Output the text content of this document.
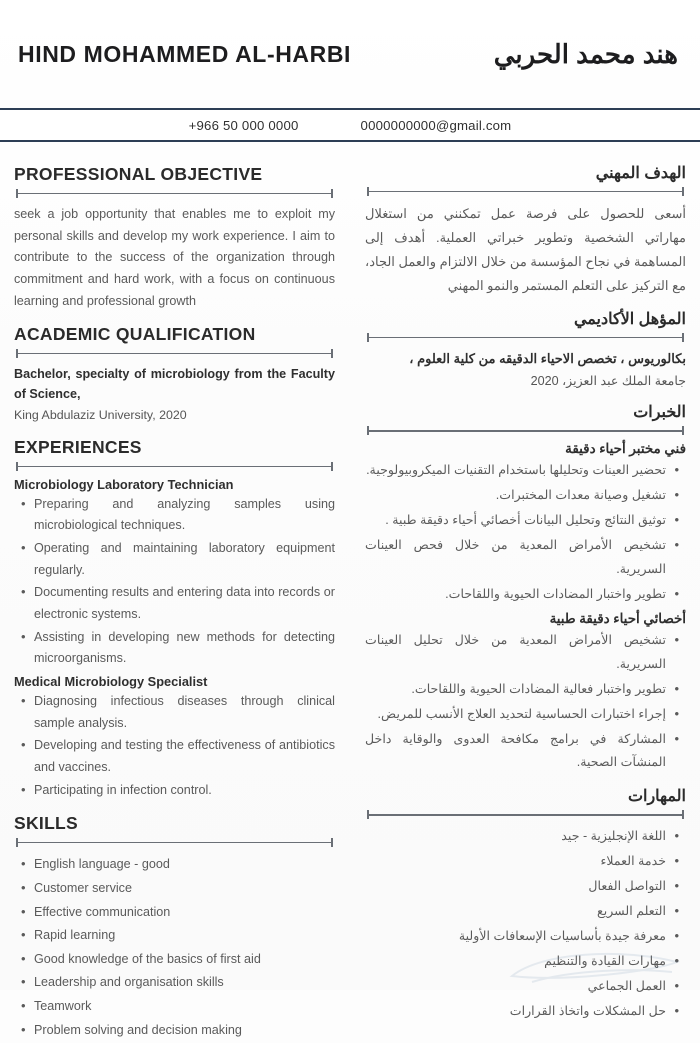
HIND MOHAMMED AL-HARBI	هند محمد الحربي
+966 50 000 0000	0000000000@gmail.com
PROFESSIONAL OBJECTIVE

seek a job opportunity that enables me to exploit my personal skills and develop my work experience. I aim to contribute to the success of the organization through commitment and hard work, with a focus on continuous learning and professional growth

ACADEMIC QUALIFICATION

Bachelor, specialty of microbiology from the Faculty of Science,

King Abdulaziz University, 2020

EXPERIENCES
Microbiology Laboratory Technician
• Preparing and analyzing samples using microbiological techniques.
• Operating and maintaining laboratory equipment regularly.
• Documenting results and entering data into records or electronic systems.
• Assisting in developing new methods for detecting microorganisms.
Medical Microbiology Specialist
• Diagnosing infectious diseases through clinical sample analysis.
• Developing and testing the effectiveness of antibiotics and vaccines.
• Participating in infection control.
SKILLS
• English language - good
• Customer service
• Effective communication
• Rapid learning
• Good knowledge of the basics of first aid
• Leadership and organisation skills
• Teamwork
• Problem solving and decision making
الهدف المهني

أسعى للحصول على فرصة عمل تمكنني من استغلال مهاراتي الشخصية وتطوير خبراتي العملية. أهدف إلى المساهمة في نجاح المؤسسة من خلال الالتزام والعمل الجاد، مع التركيز على التعلم المستمر والنمو المهني

المؤهل الأكاديمي

بكالوريوس ، تخصص الاحياء الدقيقه من كلية العلوم ،

جامعة الملك عبد العزيز، 2020

الخبرات
فني مختبر أحياء دقيقة
• تحضير العينات وتحليلها باستخدام التقنيات الميكروبيولوجية.
• تشغيل وصيانة معدات المختبرات.
• توثيق النتائج وتحليل البيانات أخصائي أحياء دقيقة طبية .
• تشخيص الأمراض المعدية من خلال فحص العينات السريرية.
• تطوير واختبار المضادات الحيوية واللقاحات.
أخصائي أحياء دقيقة طبية
• تشخيص الأمراض المعدية من خلال تحليل العينات السريرية.
• تطوير واختبار فعالية المضادات الحيوية واللقاحات.
• إجراء اختبارات الحساسية لتحديد العلاج الأنسب للمريض.
• المشاركة في برامج مكافحة العدوى والوقاية داخل المنشآت الصحية.
المهارات
• اللغة الإنجليزية - جيد
• خدمة العملاء
• التواصل الفعال
• التعلم السريع
• معرفة جيدة بأساسيات الإسعافات الأولية
• مهارات القيادة والتنظيم
• العمل الجماعي
• حل المشكلات واتخاذ القرارات
